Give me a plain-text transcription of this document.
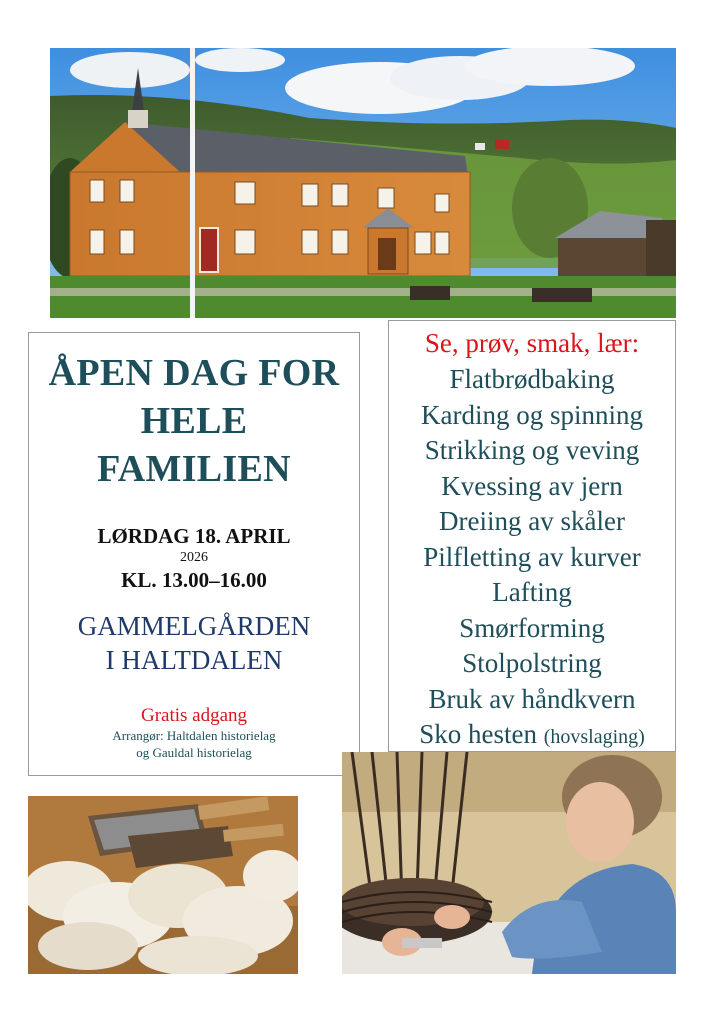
ÅPEN DAG FOR
HELE
FAMILIEN
LØRDAG 18. APRIL
2026
KL. 13.00–16.00
GAMMELGÅRDEN
I HALTDALEN
Gratis adgang
Arrangør: Haltdalen historielag
og Gauldal historielag
Se, prøv, smak, lær:
Flatbrødbaking
Karding og spinning
Strikking og veving
Kvessing av jern
Dreiing av skåler
Pilfletting av kurver
Lafting
Smørforming
Stolpolstring
Bruk av håndkvern
Sko hesten (hovslaging)
